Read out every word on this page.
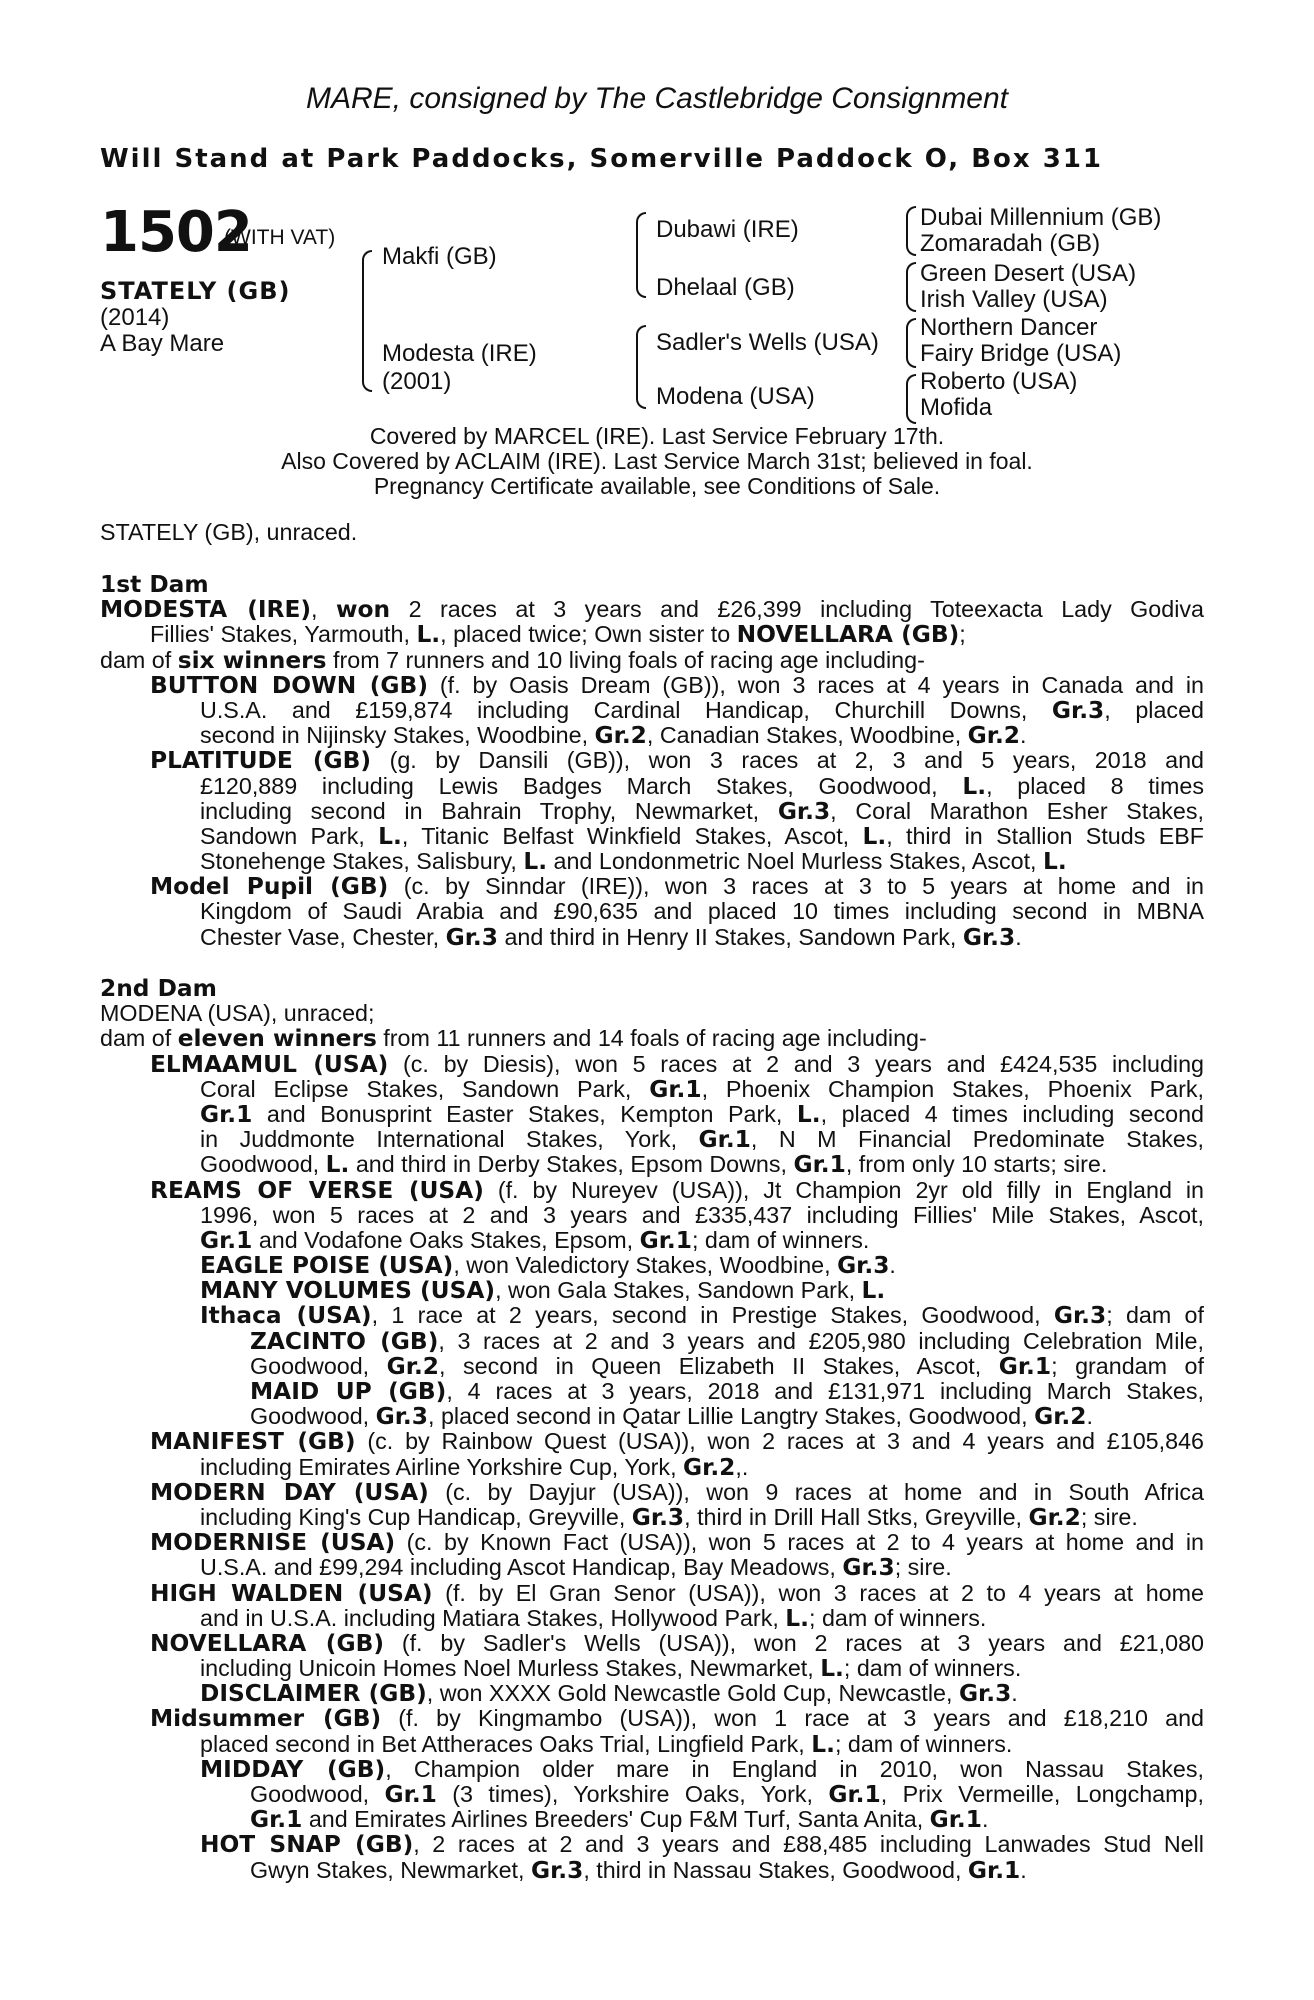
MARE, consigned by The Castlebridge Consignment
Will Stand at Park Paddocks, Somerville Paddock O, Box 311
1502
(WITH VAT)
STATELY (GB)
(2014)
A Bay Mare
Makfi (GB)
Modesta (IRE)
(2001)
Dubawi (IRE)
Dhelaal (GB)
Sadler's Wells (USA)
Modena (USA)
Dubai Millennium (GB)
Zomaradah (GB)
Green Desert (USA)
Irish Valley (USA)
Northern Dancer
Fairy Bridge (USA)
Roberto (USA)
Mofida
Covered by MARCEL (IRE). Last Service February 17th.
Also Covered by ACLAIM (IRE). Last Service March 31st; believed in foal.
Pregnancy Certificate available, see Conditions of Sale.
STATELY (GB), unraced.
1st Dam
MODESTA (IRE), won 2 races at 3 years and £26,399 including Toteexacta Lady Godiva
Fillies' Stakes, Yarmouth, L., placed twice; Own sister to NOVELLARA (GB);
dam of six winners from 7 runners and 10 living foals of racing age including-
BUTTON DOWN (GB) (f. by Oasis Dream (GB)), won 3 races at 4 years in Canada and in
U.S.A. and £159,874 including Cardinal Handicap, Churchill Downs, Gr.3, placed
second in Nijinsky Stakes, Woodbine, Gr.2, Canadian Stakes, Woodbine, Gr.2.
PLATITUDE (GB) (g. by Dansili (GB)), won 3 races at 2, 3 and 5 years, 2018 and
£120,889 including Lewis Badges March Stakes, Goodwood, L., placed 8 times
including second in Bahrain Trophy, Newmarket, Gr.3, Coral Marathon Esher Stakes,
Sandown Park, L., Titanic Belfast Winkfield Stakes, Ascot, L., third in Stallion Studs EBF
Stonehenge Stakes, Salisbury, L. and Londonmetric Noel Murless Stakes, Ascot, L.
Model Pupil (GB) (c. by Sinndar (IRE)), won 3 races at 3 to 5 years at home and in
Kingdom of Saudi Arabia and £90,635 and placed 10 times including second in MBNA
Chester Vase, Chester, Gr.3 and third in Henry II Stakes, Sandown Park, Gr.3.
2nd Dam
MODENA (USA), unraced;
dam of eleven winners from 11 runners and 14 foals of racing age including-
ELMAAMUL (USA) (c. by Diesis), won 5 races at 2 and 3 years and £424,535 including
Coral Eclipse Stakes, Sandown Park, Gr.1, Phoenix Champion Stakes, Phoenix Park,
Gr.1 and Bonusprint Easter Stakes, Kempton Park, L., placed 4 times including second
in Juddmonte International Stakes, York, Gr.1, N M Financial Predominate Stakes,
Goodwood, L. and third in Derby Stakes, Epsom Downs, Gr.1, from only 10 starts; sire.
REAMS OF VERSE (USA) (f. by Nureyev (USA)), Jt Champion 2yr old filly in England in
1996, won 5 races at 2 and 3 years and £335,437 including Fillies' Mile Stakes, Ascot,
Gr.1 and Vodafone Oaks Stakes, Epsom, Gr.1; dam of winners.
EAGLE POISE (USA), won Valedictory Stakes, Woodbine, Gr.3.
MANY VOLUMES (USA), won Gala Stakes, Sandown Park, L.
Ithaca (USA), 1 race at 2 years, second in Prestige Stakes, Goodwood, Gr.3; dam of
ZACINTO (GB), 3 races at 2 and 3 years and £205,980 including Celebration Mile,
Goodwood, Gr.2, second in Queen Elizabeth II Stakes, Ascot, Gr.1; grandam of
MAID UP (GB), 4 races at 3 years, 2018 and £131,971 including March Stakes,
Goodwood, Gr.3, placed second in Qatar Lillie Langtry Stakes, Goodwood, Gr.2.
MANIFEST (GB) (c. by Rainbow Quest (USA)), won 2 races at 3 and 4 years and £105,846
including Emirates Airline Yorkshire Cup, York, Gr.2,.
MODERN DAY (USA) (c. by Dayjur (USA)), won 9 races at home and in South Africa
including King's Cup Handicap, Greyville, Gr.3, third in Drill Hall Stks, Greyville, Gr.2; sire.
MODERNISE (USA) (c. by Known Fact (USA)), won 5 races at 2 to 4 years at home and in
U.S.A. and £99,294 including Ascot Handicap, Bay Meadows, Gr.3; sire.
HIGH WALDEN (USA) (f. by El Gran Senor (USA)), won 3 races at 2 to 4 years at home
and in U.S.A. including Matiara Stakes, Hollywood Park, L.; dam of winners.
NOVELLARA (GB) (f. by Sadler's Wells (USA)), won 2 races at 3 years and £21,080
including Unicoin Homes Noel Murless Stakes, Newmarket, L.; dam of winners.
DISCLAIMER (GB), won XXXX Gold Newcastle Gold Cup, Newcastle, Gr.3.
Midsummer (GB) (f. by Kingmambo (USA)), won 1 race at 3 years and £18,210 and
placed second in Bet Attheraces Oaks Trial, Lingfield Park, L.; dam of winners.
MIDDAY (GB), Champion older mare in England in 2010, won Nassau Stakes,
Goodwood, Gr.1 (3 times), Yorkshire Oaks, York, Gr.1, Prix Vermeille, Longchamp,
Gr.1 and Emirates Airlines Breeders' Cup F&M Turf, Santa Anita, Gr.1.
HOT SNAP (GB), 2 races at 2 and 3 years and £88,485 including Lanwades Stud Nell
Gwyn Stakes, Newmarket, Gr.3, third in Nassau Stakes, Goodwood, Gr.1.
